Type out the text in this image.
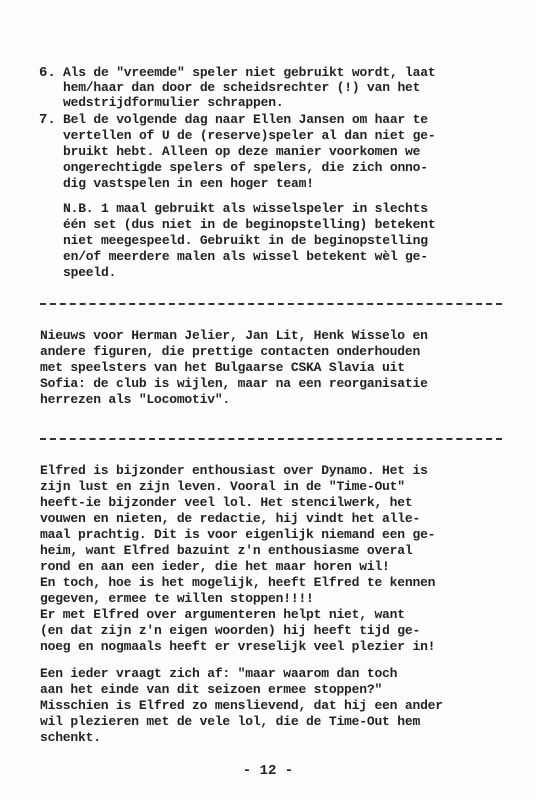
6. Als de "vreemde" speler niet gebruikt wordt, laat
hem/haar dan door de scheidsrechter (!) van het
wedstrijdformulier schrappen.
7. Bel de volgende dag naar Ellen Jansen om haar te
vertellen of U de (reserve)speler al dan niet ge-
bruikt hebt. Alleen op deze manier voorkomen we
ongerechtigde spelers of spelers, die zich onno-
dig vastspelen in een hoger team!
N.B. 1 maal gebruikt als wisselspeler in slechts
één set (dus niet in de beginopstelling) betekent
niet meegespeeld. Gebruikt in de beginopstelling
en/of meerdere malen als wissel betekent wèl ge-
speeld.
Nieuws voor Herman Jelier, Jan Lit, Henk Wisselo en
andere figuren, die prettige contacten onderhouden
met speelsters van het Bulgaarse CSKA Slavia uit
Sofia: de club is wijlen, maar na een reorganisatie
herrezen als "Locomotiv".
Elfred is bijzonder enthousiast over Dynamo. Het is
zijn lust en zijn leven. Vooral in de "Time-Out"
heeft-ie bijzonder veel lol. Het stencilwerk, het
vouwen en nieten, de redactie, hij vindt het alle-
maal prachtig. Dit is voor eigenlijk niemand een ge-
heim, want Elfred bazuint z'n enthousiasme overal
rond en aan een ieder, die het maar horen wil!
En toch, hoe is het mogelijk, heeft Elfred te kennen
gegeven, ermee te willen stoppen!!!!
Er met Elfred over argumenteren helpt niet, want
(en dat zijn z'n eigen woorden) hij heeft tijd ge-
noeg en nogmaals heeft er vreselijk veel plezier in!
Een ieder vraagt zich af: "maar waarom dan toch
aan het einde van dit seizoen ermee stoppen?"
Misschien is Elfred zo menslievend, dat hij een ander
wil plezieren met de vele lol, die de Time-Out hem
schenkt.
- 12 -
